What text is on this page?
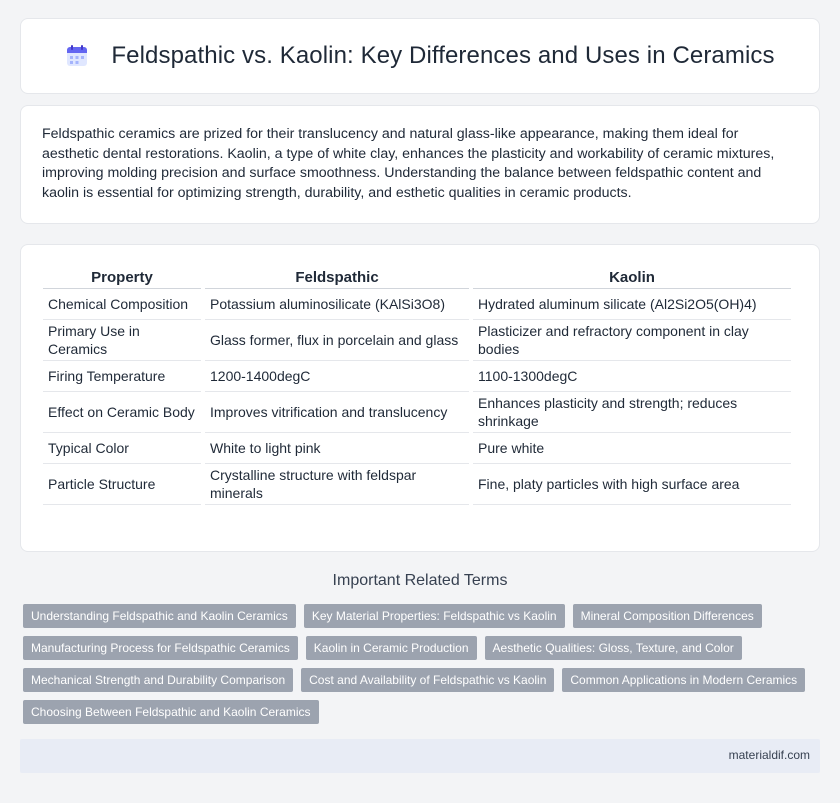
Feldspathic vs. Kaolin: Key Differences and Uses in Ceramics

Feldspathic ceramics are prized for their translucency and natural glass-like appearance, making them ideal for aesthetic dental restorations. Kaolin, a type of white clay, enhances the plasticity and workability of ceramic mixtures, improving molding precision and surface smoothness. Understanding the balance between feldspathic content and kaolin is essential for optimizing strength, durability, and esthetic qualities in ceramic products.

Property	Feldspathic	Kaolin
Chemical Composition	Potassium aluminosilicate (KAlSi3O8)	Hydrated aluminum silicate (Al2Si2O5(OH)4)
Primary Use in Ceramics	Glass former, flux in porcelain and glass	Plasticizer and refractory component in clay bodies
Firing Temperature	1200-1400degC	1100-1300degC
Effect on Ceramic Body	Improves vitrification and translucency	Enhances plasticity and strength; reduces shrinkage
Typical Color	White to light pink	Pure white
Particle Structure	Crystalline structure with feldspar minerals	Fine, platy particles with high surface area
Important Related Terms
Understanding Feldspathic and Kaolin Ceramics	Key Material Properties: Feldspathic vs Kaolin	Mineral Composition Differences
Manufacturing Process for Feldspathic Ceramics	Kaolin in Ceramic Production	Aesthetic Qualities: Gloss, Texture, and Color
Mechanical Strength and Durability Comparison	Cost and Availability of Feldspathic vs Kaolin	Common Applications in Modern Ceramics
Choosing Between Feldspathic and Kaolin Ceramics
materialdif.com
